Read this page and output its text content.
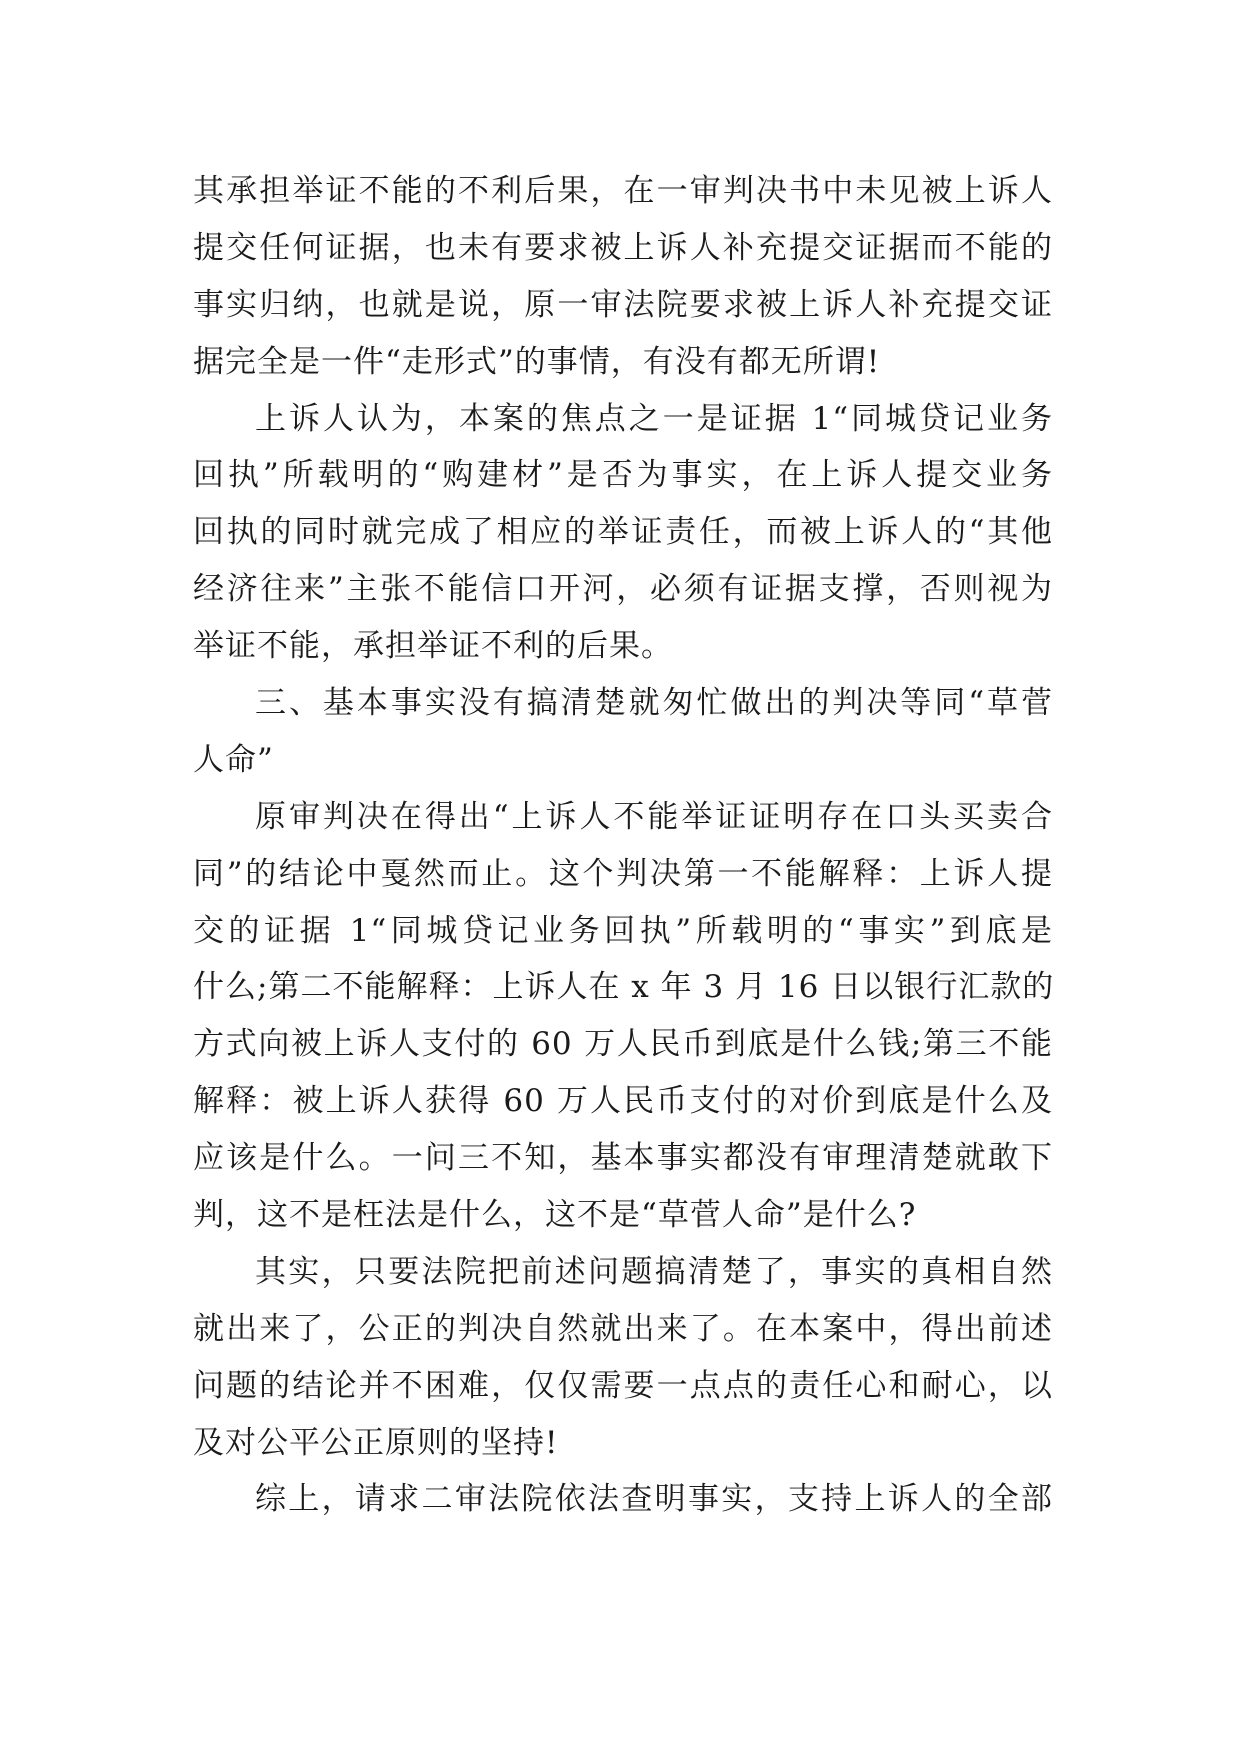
其承担举证不能的不利后果，在一审判决书中未见被上诉人
提交任何证据，也未有要求被上诉人补充提交证据而不能的
事实归纳，也就是说，原一审法院要求被上诉人补充提交证
据完全是一件“走形式”的事情，有没有都无所谓!
上诉人认为，本案的焦点之一是证据 1“同城贷记业务
回执”所载明的“购建材”是否为事实，在上诉人提交业务
回执的同时就完成了相应的举证责任，而被上诉人的“其他
经济往来”主张不能信口开河，必须有证据支撑，否则视为
举证不能，承担举证不利的后果。
三、基本事实没有搞清楚就匆忙做出的判决等同“草菅
人命”
原审判决在得出“上诉人不能举证证明存在口头买卖合
同”的结论中戛然而止。这个判决第一不能解释：上诉人提
交的证据 1“同城贷记业务回执”所载明的“事实”到底是
什么;第二不能解释：上诉人在 x 年 3 月 16 日以银行汇款的
方式向被上诉人支付的 60 万人民币到底是什么钱;第三不能
解释：被上诉人获得 60 万人民币支付的对价到底是什么及
应该是什么。一问三不知，基本事实都没有审理清楚就敢下
判，这不是枉法是什么，这不是“草菅人命”是什么?
其实，只要法院把前述问题搞清楚了，事实的真相自然
就出来了，公正的判决自然就出来了。在本案中，得出前述
问题的结论并不困难，仅仅需要一点点的责任心和耐心，以
及对公平公正原则的坚持!
综上，请求二审法院依法查明事实，支持上诉人的全部
